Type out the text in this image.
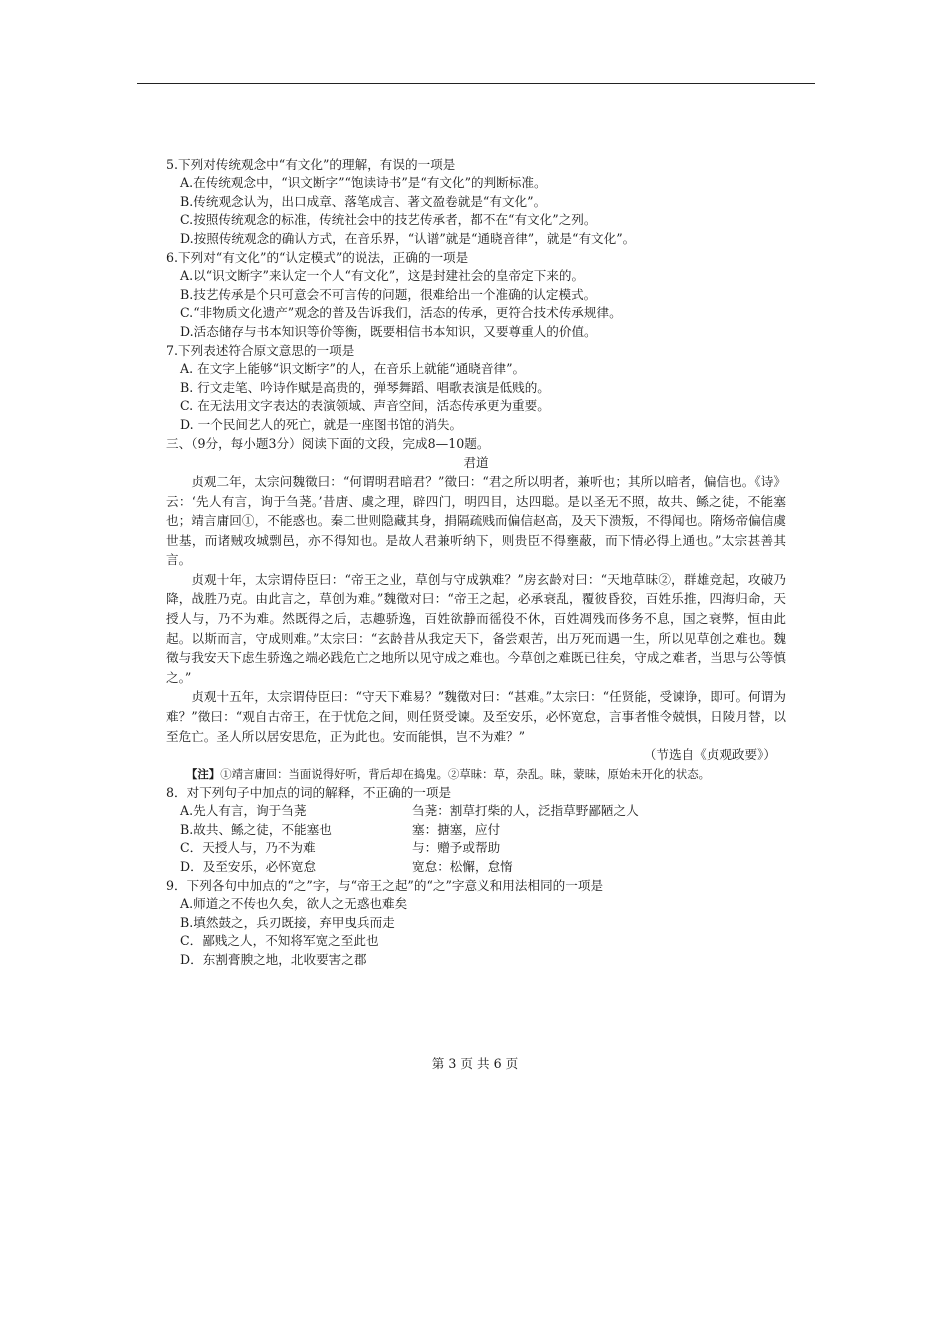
5.下列对传统观念中“有文化”的理解，有误的一项是
A.在传统观念中，“识文断字”“饱读诗书”是“有文化”的判断标准。
B.传统观念认为，出口成章、落笔成言、著文盈卷就是“有文化”。
C.按照传统观念的标准，传统社会中的技艺传承者，都不在“有文化”之列。
D.按照传统观念的确认方式，在音乐界，“认谱”就是“通晓音律”，就是“有文化”。
6.下列对“有文化”的“认定模式”的说法，正确的一项是
A.以“识文断字”来认定一个人“有文化”，这是封建社会的皇帝定下来的。
B.技艺传承是个只可意会不可言传的问题，很难给出一个准确的认定模式。
C.“非物质文化遗产”观念的普及告诉我们，活态的传承，更符合技术传承规律。
D.活态储存与书本知识等价等衡，既要相信书本知识，又要尊重人的价值。
7.下列表述符合原文意思的一项是
A. 在文字上能够“识文断字”的人，在音乐上就能“通晓音律”。
B. 行文走笔、吟诗作赋是高贵的，弹琴舞蹈、唱歌表演是低贱的。
C. 在无法用文字表达的表演领域、声音空间，活态传承更为重要。
D. 一个民间艺人的死亡，就是一座图书馆的消失。
三、（9分，每小题3分）阅读下面的文段，完成8—10题。
君道
贞观二年，太宗问魏徵曰：“何谓明君暗君？”徵曰：“君之所以明者，兼听也；其所以暗者，偏信也。《诗》云：‘先人有言，询于刍荛。’昔唐、虞之理，辟四门，明四目，达四聪。是以圣无不照，故共、鲧之徒，不能塞也；靖言庸回①，不能惑也。秦二世则隐藏其身，捐隔疏贱而偏信赵高，及天下溃叛，不得闻也。隋炀帝偏信虞世基，而诸贼攻城剽邑，亦不得知也。是故人君兼听纳下，则贵臣不得壅蔽，而下情必得上通也。”太宗甚善其言。
贞观十年，太宗谓侍臣曰：“帝王之业，草创与守成孰难？”房玄龄对曰：“天地草昧②，群雄竞起，攻破乃降，战胜乃克。由此言之，草创为难。”魏徵对曰：“帝王之起，必承衰乱，覆彼昏狡，百姓乐推，四海归命，天授人与，乃不为难。然既得之后，志趣骄逸，百姓欲静而徭役不休，百姓凋残而侈务不息，国之衰弊，恒由此起。以斯而言，守成则难。”太宗曰：“玄龄昔从我定天下，备尝艰苦，出万死而遇一生，所以见草创之难也。魏徵与我安天下虑生骄逸之端必践危亡之地所以见守成之难也。今草创之难既已往矣，守成之难者，当思与公等慎之。”
贞观十五年，太宗谓侍臣曰：“守天下难易？”魏徵对曰：“甚难。”太宗曰：“任贤能，受谏诤，即可。何谓为难？”徵曰：“观自古帝王，在于忧危之间，则任贤受谏。及至安乐，必怀宽怠，言事者惟令兢惧，日陵月替，以至危亡。圣人所以居安思危，正为此也。安而能惧，岂不为难？”
（节选自《贞观政要》）
【注】①靖言庸回：当面说得好听，背后却在捣鬼。②草昧：草，杂乱。昧，蒙昧，原始未开化的状态。
8．对下列句子中加点的词的解释，不正确的一项是
A.先人有言，询于刍荛	刍荛：割草打柴的人，泛指草野鄙陋之人
B.故共、鲧之徒，不能塞也	塞：搪塞，应付
C．天授人与，乃不为难	与：赠予或帮助
D．及至安乐，必怀宽怠	宽怠：松懈，怠惰
9．下列各句中加点的“之”字，与“帝王之起”的“之”字意义和用法相同的一项是
A.师道之不传也久矣，欲人之无惑也难矣
B.填然鼓之，兵刃既接，弃甲曳兵而走
C．鄙贱之人，不知将军宽之至此也
D．东割膏腴之地，北收要害之郡
第 3 页 共 6 页
